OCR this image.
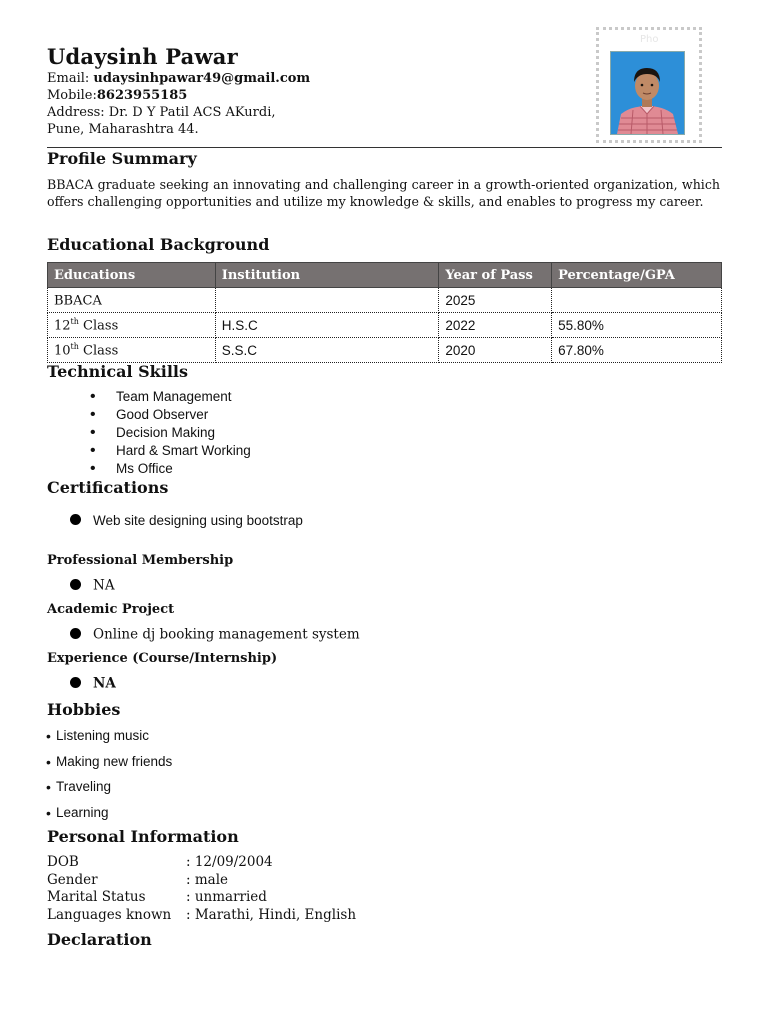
Udaysinh Pawar
Email: udaysinhpawar49@gmail.com
Mobile:8623955185
Address: Dr. D Y Patil ACS AKurdi,
Pune, Maharashtra 44.
Pho
Profile Summary
BBACA graduate seeking an innovating and challenging career in a growth-oriented organization, which offers challenging opportunities and utilize my knowledge & skills, and enables to progress my career.
Educational Background
Educations	Institution	Year of Pass	Percentage/GPA
BBACA		2025	
12th Class	H.S.C	2022	55.80%
10th Class	S.S.C	2020	67.80%
Technical Skills
• Team Management
• Good Observer
• Decision Making
• Hard & Smart Working
• Ms Office
Certifications
Web site designing using bootstrap
Professional Membership
NA
Academic Project
Online dj booking management system
Experience (Course/Internship)
NA
Hobbies
• Listening music
• Making new friends
• Traveling
• Learning
Personal Information
DOB	: 12/09/2004
Gender	: male
Marital Status	: unmarried
Languages known	: Marathi, Hindi, English
Declaration
